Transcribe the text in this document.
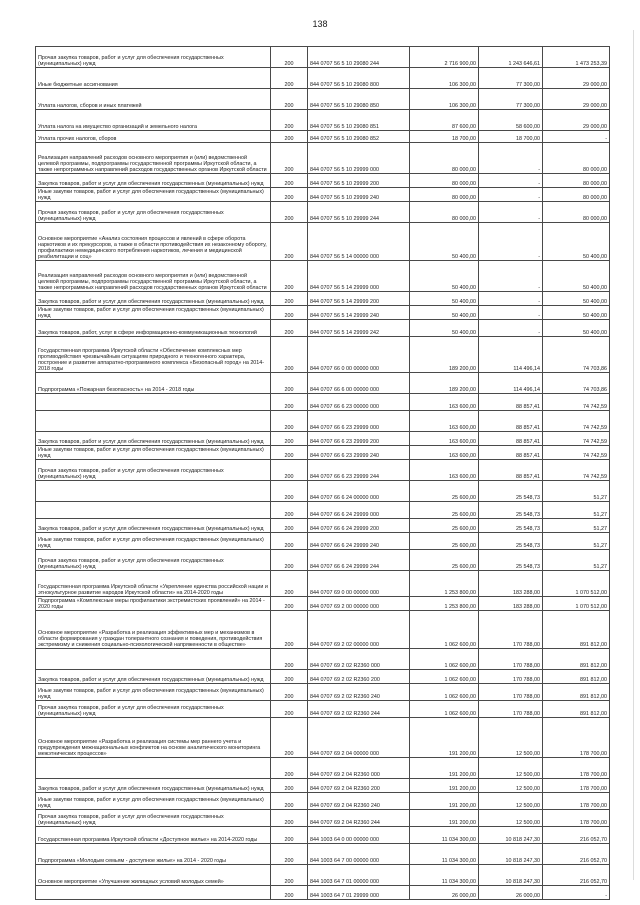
138
Прочая закупка товаров, работ и услуг для обеспечения государственных (муниципальных) нужд	200	844 0707 56 5 10 29080 244	2 716 900,00	1 243 646,61	1 473 253,39
Иные бюджетные ассигнования	200	844 0707 56 5 10 29080 800	106 300,00	77 300,00	29 000,00
Уплата налогов, сборов и иных платежей	200	844 0707 56 5 10 29080 850	106 300,00	77 300,00	29 000,00
Уплата налога на имущество организаций и земельного налога	200	844 0707 56 5 10 29080 851	87 600,00	58 600,00	29 000,00
Уплата прочих налогов, сборов	200	844 0707 56 5 10 29080 852	18 700,00	18 700,00	-
Реализация направлений расходов основного мероприятия и (или) ведомственной целевой программы, подпрограммы государственной программы Иркутской области, а также непрограммных направлений расходов государственных органов Иркутской области	200	844 0707 56 5 10 29999 000	80 000,00	-	80 000,00
Закупка товаров, работ и услуг для обеспечения государственных (муниципальных) нужд	200	844 0707 56 5 10 29999 200	80 000,00	-	80 000,00
Иные закупки товаров, работ и услуг для обеспечения государственных (муниципальных) нужд	200	844 0707 56 5 10 29999 240	80 000,00	-	80 000,00
Прочая закупка товаров, работ и услуг для обеспечения государственных (муниципальных) нужд	200	844 0707 56 5 10 29999 244	80 000,00	-	80 000,00
Основное мероприятие «Анализ состояния процессов и явлений в сфере оборота наркотиков и их прекурсоров, а также в области противодействия их незаконному обороту, профилактики немедицинского потребления наркотиков, лечения и медицинской реабилитации и соц»	200	844 0707 56 5 14 00000 000	50 400,00	-	50 400,00
Реализация направлений расходов основного мероприятия и (или) ведомственной целевой программы, подпрограммы государственной программы Иркутской области, а также непрограммных направлений расходов государственных органов Иркутской области	200	844 0707 56 5 14 29999 000	50 400,00	-	50 400,00
Закупка товаров, работ и услуг для обеспечения государственных (муниципальных) нужд	200	844 0707 56 5 14 29999 200	50 400,00	-	50 400,00
Иные закупки товаров, работ и услуг для обеспечения государственных (муниципальных) нужд	200	844 0707 56 5 14 29999 240	50 400,00	-	50 400,00
Закупка товаров, работ, услуг в сфере информационно-коммуникационных технологий	200	844 0707 56 5 14 29999 242	50 400,00	-	50 400,00
Государственная программа Иркутской области «Обеспечение комплексных мер противодействия чрезвычайным ситуациям природного и техногенного характера, построение и развитие аппаратно-программного комплекса «Безопасный город» на 2014-2018 годы	200	844 0707 66 0 00 00000 000	189 200,00	114 496,14	74 703,86
Подпрограмма «Пожарная безопасность» на 2014 - 2018 годы	200	844 0707 66 6 00 00000 000	189 200,00	114 496,14	74 703,86
	200	844 0707 66 6 23 00000 000	163 600,00	88 857,41	74 742,59
	200	844 0707 66 6 23 29999 000	163 600,00	88 857,41	74 742,59
Закупка товаров, работ и услуг для обеспечения государственных (муниципальных) нужд	200	844 0707 66 6 23 29999 200	163 600,00	88 857,41	74 742,59
Иные закупки товаров, работ и услуг для обеспечения государственных (муниципальных) нужд	200	844 0707 66 6 23 29999 240	163 600,00	88 857,41	74 742,59
Прочая закупка товаров, работ и услуг для обеспечения государственных (муниципальных) нужд	200	844 0707 66 6 23 29999 244	163 600,00	88 857,41	74 742,59
	200	844 0707 66 6 24 00000 000	25 600,00	25 548,73	51,27
	200	844 0707 66 6 24 29999 000	25 600,00	25 548,73	51,27
Закупка товаров, работ и услуг для обеспечения государственных (муниципальных) нужд	200	844 0707 66 6 24 29999 200	25 600,00	25 548,73	51,27
Иные закупки товаров, работ и услуг для обеспечения государственных (муниципальных) нужд	200	844 0707 66 6 24 29999 240	25 600,00	25 548,73	51,27
Прочая закупка товаров, работ и услуг для обеспечения государственных (муниципальных) нужд	200	844 0707 66 6 24 29999 244	25 600,00	25 548,73	51,27
Государственная программа Иркутской области «Укрепление единства российской нации и этнокультурное развитие народов Иркутской области» на 2014-2020 годы	200	844 0707 69 0 00 00000 000	1 253 800,00	183 288,00	1 070 512,00
Подпрограмма «Комплексные меры профилактики экстремистских проявлений» на 2014 - 2020 годы	200	844 0707 69 2 00 00000 000	1 253 800,00	183 288,00	1 070 512,00
Основное мероприятие «Разработка и реализация эффективных мер и механизмов в области формирования у граждан толерантного сознания и поведения, противодействия экстремизму и снижения социально-психологической напряженности в обществе»	200	844 0707 69 2 02 00000 000	1 062 600,00	170 788,00	891 812,00
	200	844 0707 69 2 02 R2360 000	1 062 600,00	170 788,00	891 812,00
Закупка товаров, работ и услуг для обеспечения государственных (муниципальных) нужд	200	844 0707 69 2 02 R2360 200	1 062 600,00	170 788,00	891 812,00
Иные закупки товаров, работ и услуг для обеспечения государственных (муниципальных) нужд	200	844 0707 69 2 02 R2360 240	1 062 600,00	170 788,00	891 812,00
Прочая закупка товаров, работ и услуг для обеспечения государственных (муниципальных) нужд	200	844 0707 69 2 02 R2360 244	1 062 600,00	170 788,00	891 812,00
Основное мероприятие «Разработка и реализация системы мер раннего учета и предупреждения межнациональных конфликтов на основе аналитического мониторинга межэтнических процессов»	200	844 0707 69 2 04 00000 000	191 200,00	12 500,00	178 700,00
	200	844 0707 69 2 04 R2360 000	191 200,00	12 500,00	178 700,00
Закупка товаров, работ и услуг для обеспечения государственных (муниципальных) нужд	200	844 0707 69 2 04 R2360 200	191 200,00	12 500,00	178 700,00
Иные закупки товаров, работ и услуг для обеспечения государственных (муниципальных) нужд	200	844 0707 69 2 04 R2360 240	191 200,00	12 500,00	178 700,00
Прочая закупка товаров, работ и услуг для обеспечения государственных (муниципальных) нужд	200	844 0707 69 2 04 R2360 244	191 200,00	12 500,00	178 700,00
Государственная программа Иркутской области «Доступное жилье» на 2014-2020 годы	200	844 1003 64 0 00 00000 000	11 034 300,00	10 818 247,30	216 052,70
Подпрограмма «Молодым семьям - доступное жилье» на 2014 - 2020 годы	200	844 1003 64 7 00 00000 000	11 034 300,00	10 818 247,30	216 052,70
Основное мероприятие «Улучшение жилищных условий молодых семей»	200	844 1003 64 7 01 00000 000	11 034 300,00	10 818 247,30	216 052,70
	200	844 1003 64 7 01 29999 000	26 000,00	26 000,00	-
